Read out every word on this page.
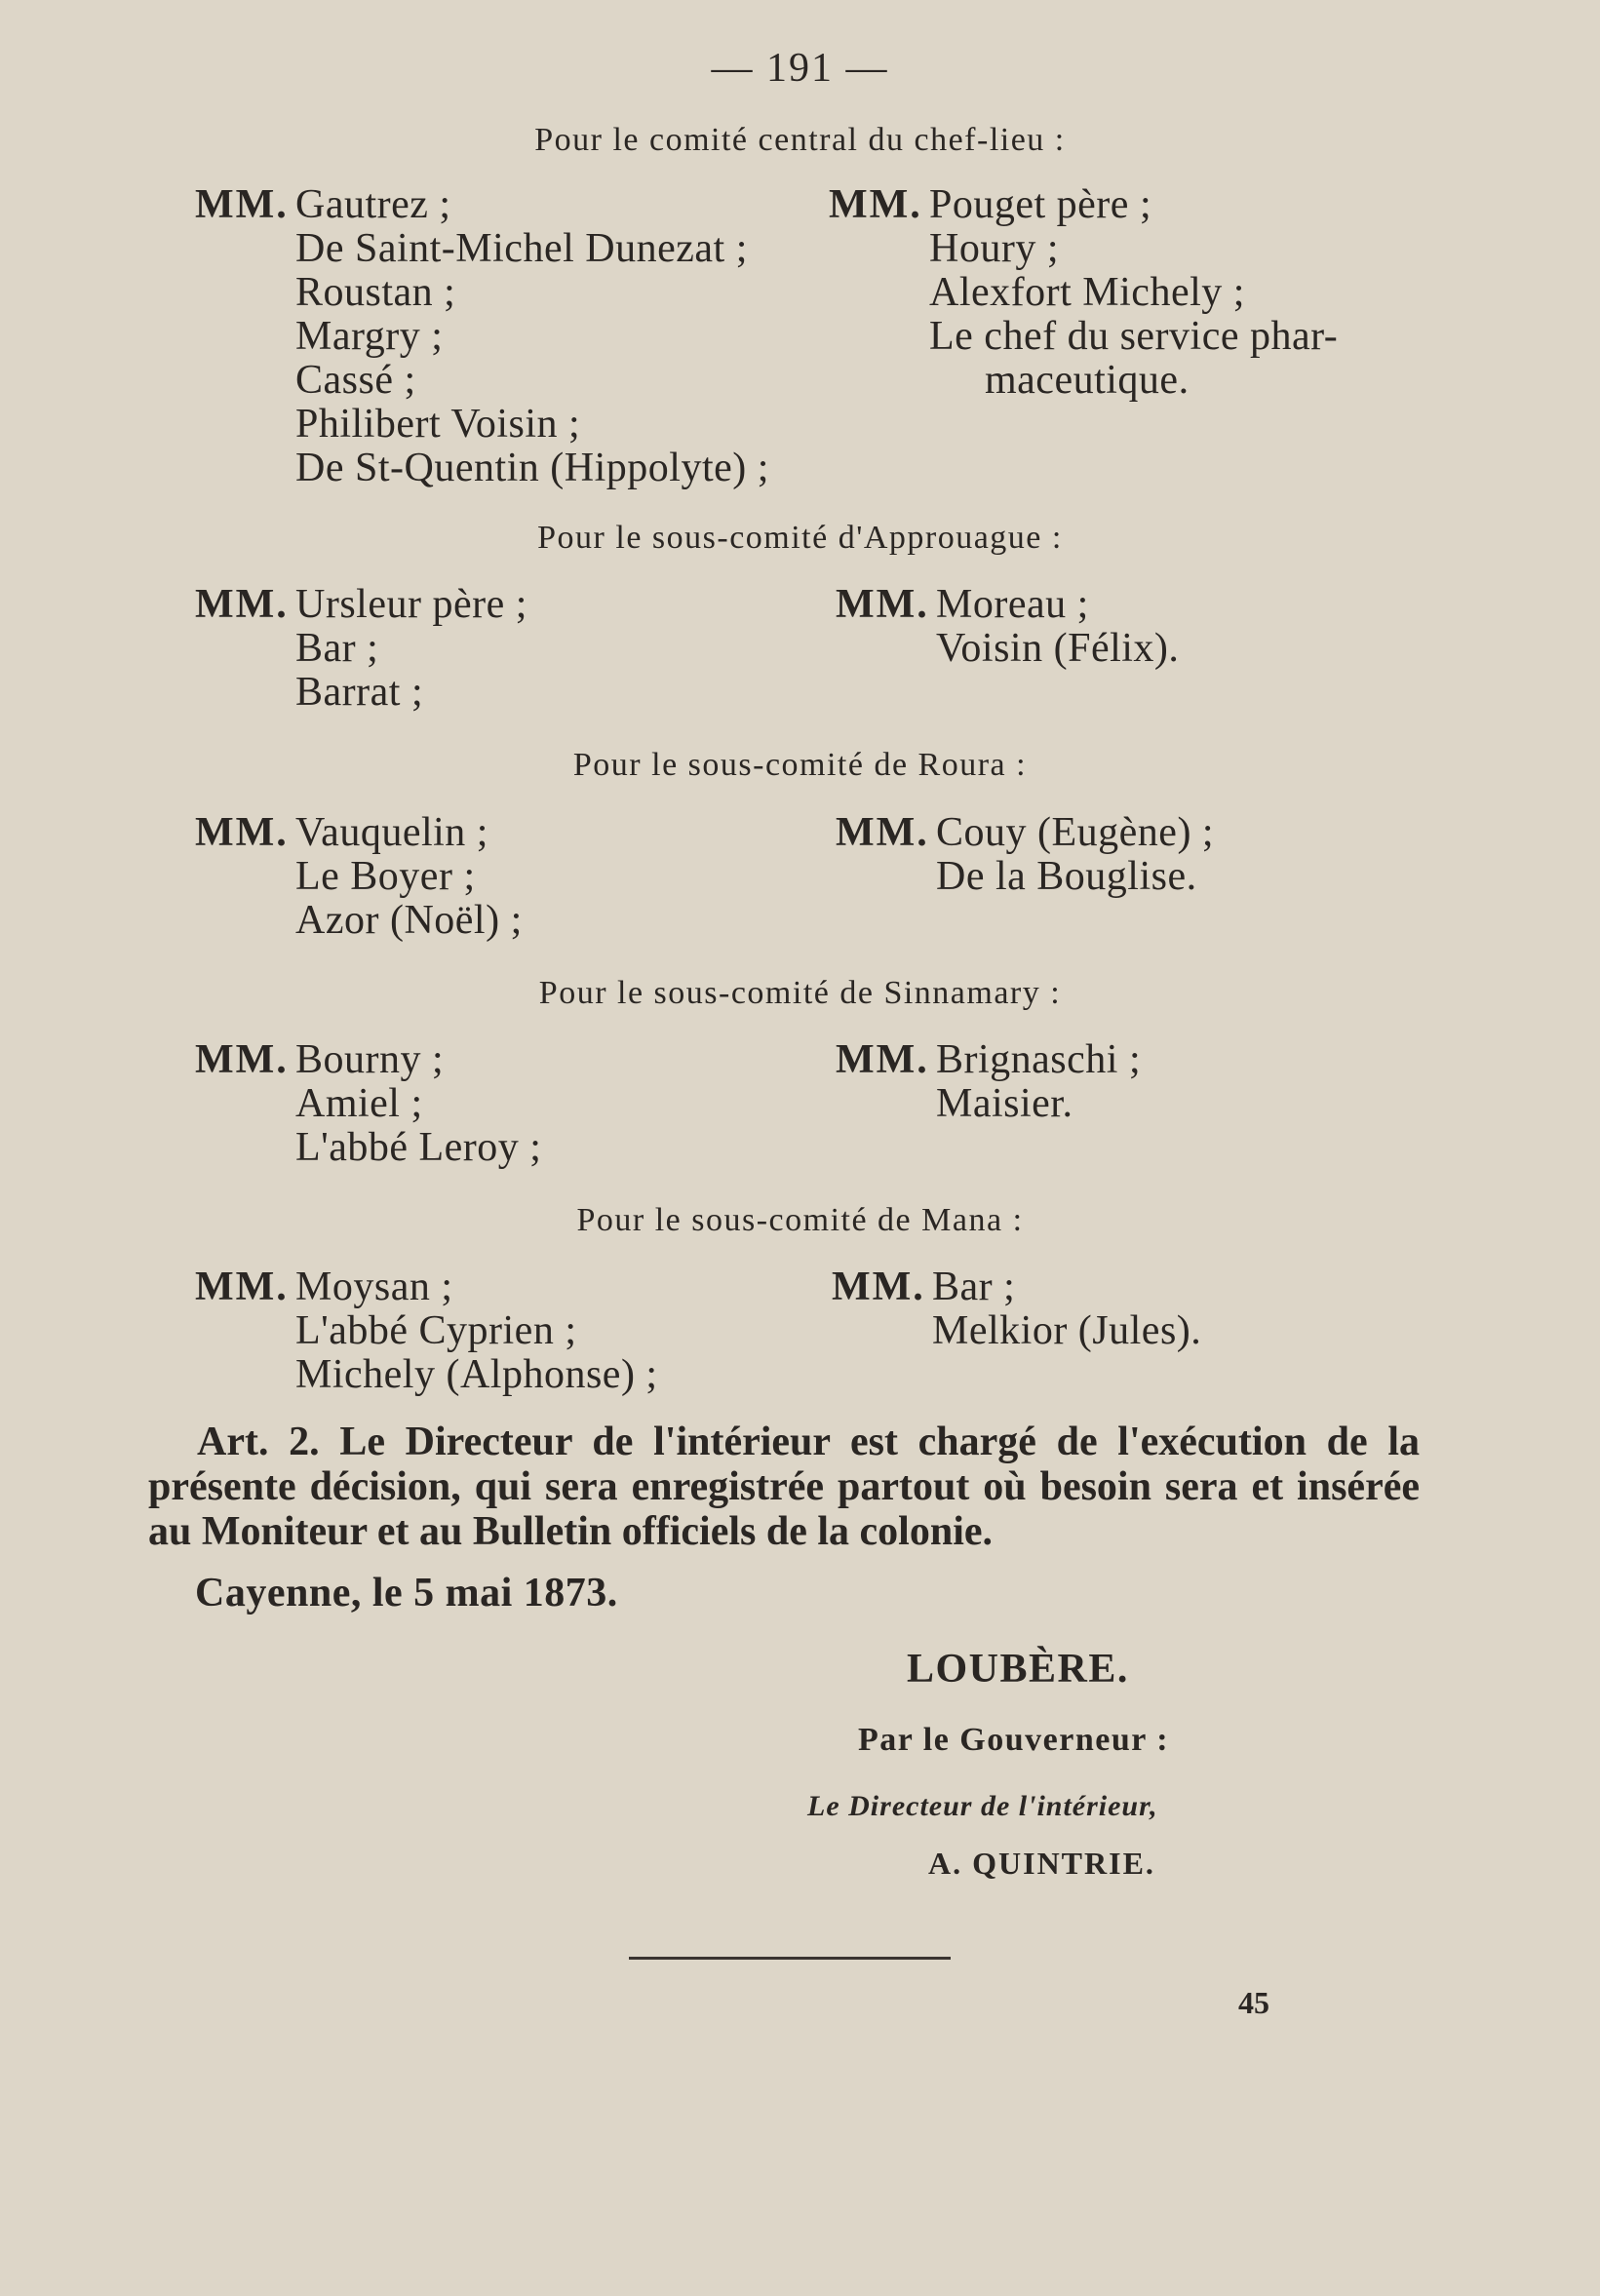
— 191 —
Pour le comité central du chef-lieu :
MM. Gautrez ;
De Saint-Michel Dunezat ;
Roustan ;
Margry ;
Cassé ;
Philibert Voisin ;
De St-Quentin (Hippolyte) ;
MM. Pouget père ;
Houry ;
Alexfort Michely ;
Le chef du service phar-
maceutique.
Pour le sous-comité d'Approuague :
MM. Ursleur père ;
Bar ;
Barrat ;
MM. Moreau ;
Voisin (Félix).
Pour le sous-comité de Roura :
MM. Vauquelin ;
Le Boyer ;
Azor (Noël) ;
MM. Couy (Eugène) ;
De la Bouglise.
Pour le sous-comité de Sinnamary :
MM. Bourny ;
Amiel ;
L'abbé Leroy ;
MM. Brignaschi ;
Maisier.
Pour le sous-comité de Mana :
MM. Moysan ;
L'abbé Cyprien ;
Michely (Alphonse) ;
MM. Bar ;
Melkior (Jules).

Art. 2. Le Directeur de l'intérieur est chargé de l'exécution de la présente décision, qui sera enregistrée partout où besoin sera et insérée au Moniteur et au Bulletin officiels de la colonie.

Cayenne, le 5 mai 1873.
LOUBÈRE.
Par le Gouverneur :
Le Directeur de l'intérieur,
A. QUINTRIE.
45
